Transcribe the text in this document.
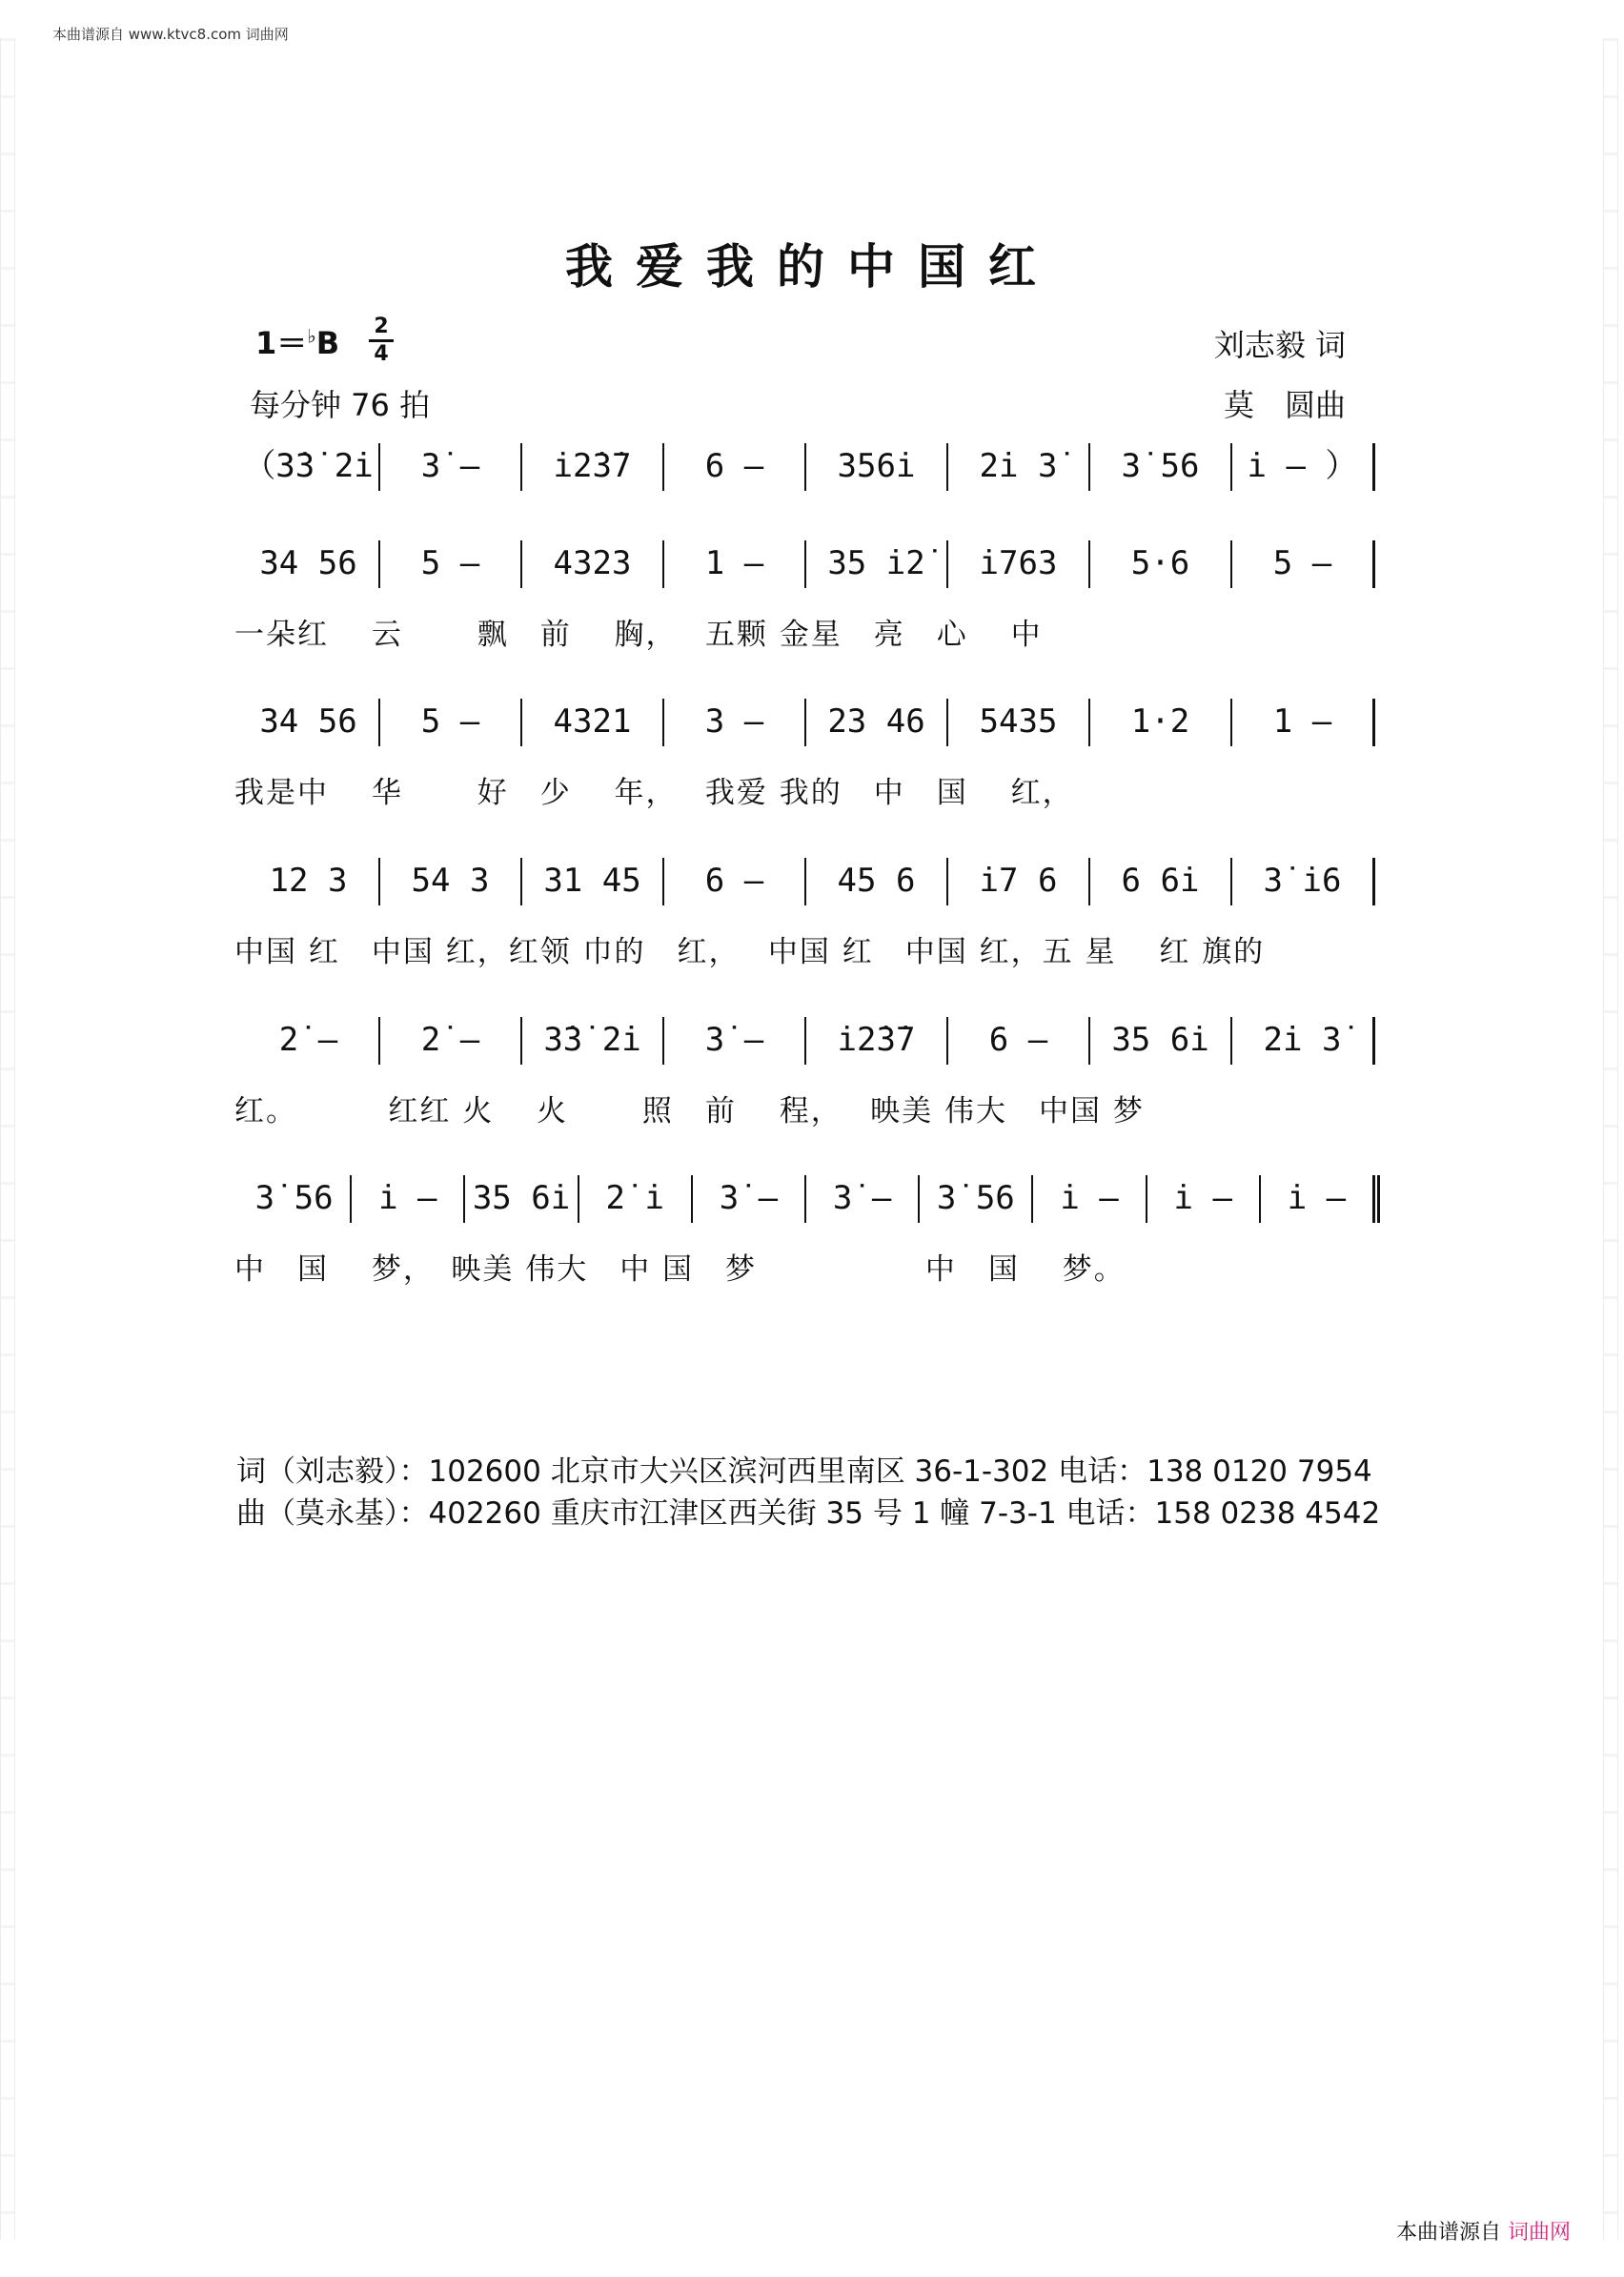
本曲谱源自 www.ktvc8.com 词曲网
我爱我的中国红
1＝♭B 2
4
每分钟 76 拍
刘志毅 词
莫　圆曲
（3̇3̇ 2̇i̇	3̇ –	i̇2̇3̇7	6 –	356i̇	2̇i̇ 3̇	3̇ 56	i̇ – ）
34 56	5 –	4323	1 –	35 i̇2̇	i̇763	5·6	5 –
一朵红　 云　　 飘　前　 胸，　 五颗 金星　亮　心　 中
34 56	5 –	4321	3 –	23 46	5435	1·2	1 –
我是中　 华　　 好　少　 年，　 我爱 我的　中　国　 红，
12 3	54 3	31 45	6 –	45 6	i̇7 6	6 6i̇	3̇ i̇6
中国 红　中国 红，红领 巾的　红，　 中国 红　中国 红，五 星　 红 旗的
2̇ –	2̇ –	3̇3̇ 2̇i̇	3̇ –	i̇2̇3̇7	6 –	35 6i̇	2̇i̇ 3̇
红。　　　 红红 火　 火　　 照　前　 程，　 映美 伟大　中国 梦
3̇ 56	i̇ –	35 6i̇	2̇ i̇	3̇ –	3̇ –	3̇ 56	i̇ –	i̇ –	i̇ –
中　国　 梦，　映美 伟大　中 国　梦　　　　　 中　国　 梦。
词（刘志毅）：102600 北京市大兴区滨河西里南区 36-1-302 电话：138 0120 7954
曲（莫永基）：402260 重庆市江津区西关街 35 号 1 幢 7-3-1 电话：158 0238 4542
本曲谱源自 词曲网
